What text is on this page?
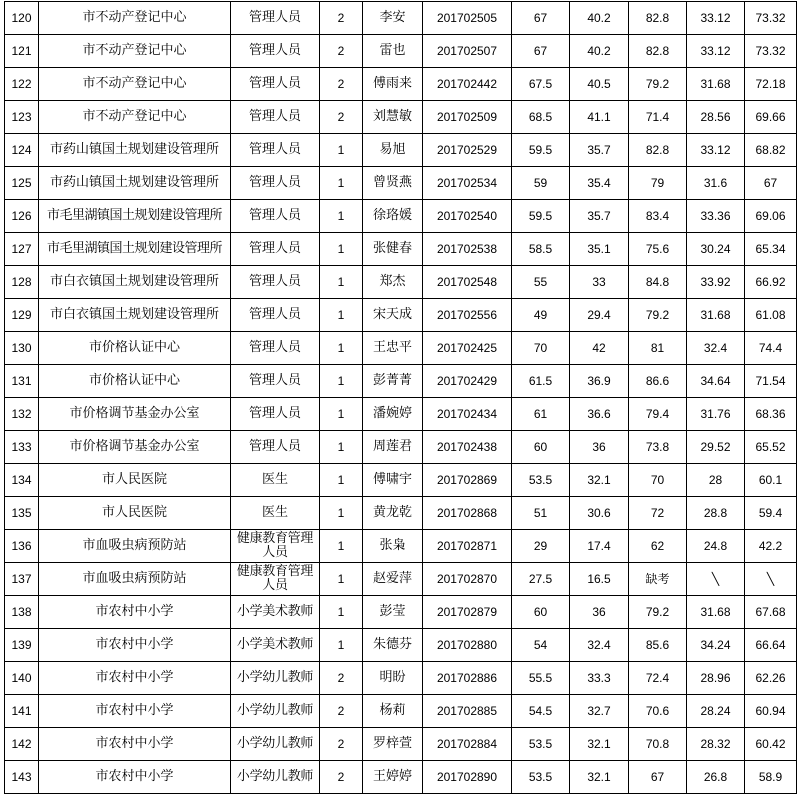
120	市不动产登记中心	管理人员	2	李安	201702505	67	40.2	82.8	33.12	73.32
121	市不动产登记中心	管理人员	2	雷也	201702507	67	40.2	82.8	33.12	73.32
122	市不动产登记中心	管理人员	2	傅雨来	201702442	67.5	40.5	79.2	31.68	72.18
123	市不动产登记中心	管理人员	2	刘慧敏	201702509	68.5	41.1	71.4	28.56	69.66
124	市药山镇国土规划建设管理所	管理人员	1	易旭	201702529	59.5	35.7	82.8	33.12	68.82
125	市药山镇国土规划建设管理所	管理人员	1	曾贤燕	201702534	59	35.4	79	31.6	67
126	市毛里湖镇国土规划建设管理所	管理人员	1	徐珞媛	201702540	59.5	35.7	83.4	33.36	69.06
127	市毛里湖镇国土规划建设管理所	管理人员	1	张健春	201702538	58.5	35.1	75.6	30.24	65.34
128	市白衣镇国土规划建设管理所	管理人员	1	郑杰	201702548	55	33	84.8	33.92	66.92
129	市白衣镇国土规划建设管理所	管理人员	1	宋天成	201702556	49	29.4	79.2	31.68	61.08
130	市价格认证中心	管理人员	1	王忠平	201702425	70	42	81	32.4	74.4
131	市价格认证中心	管理人员	1	彭菁菁	201702429	61.5	36.9	86.6	34.64	71.54
132	市价格调节基金办公室	管理人员	1	潘婉婷	201702434	61	36.6	79.4	31.76	68.36
133	市价格调节基金办公室	管理人员	1	周莲君	201702438	60	36	73.8	29.52	65.52
134	市人民医院	医生	1	傅啸宇	201702869	53.5	32.1	70	28	60.1
135	市人民医院	医生	1	黄龙乾	201702868	51	30.6	72	28.8	59.4
136	市血吸虫病预防站	健康教育管理人员	1	张枭	201702871	29	17.4	62	24.8	42.2
137	市血吸虫病预防站	健康教育管理人员	1	赵爱萍	201702870	27.5	16.5	缺考	╲	╲
138	市农村中小学	小学美术教师	1	彭莹	201702879	60	36	79.2	31.68	67.68
139	市农村中小学	小学美术教师	1	朱德芬	201702880	54	32.4	85.6	34.24	66.64
140	市农村中小学	小学幼儿教师	2	明盼	201702886	55.5	33.3	72.4	28.96	62.26
141	市农村中小学	小学幼儿教师	2	杨莉	201702885	54.5	32.7	70.6	28.24	60.94
142	市农村中小学	小学幼儿教师	2	罗梓萱	201702884	53.5	32.1	70.8	28.32	60.42
143	市农村中小学	小学幼儿教师	2	王婷婷	201702890	53.5	32.1	67	26.8	58.9
